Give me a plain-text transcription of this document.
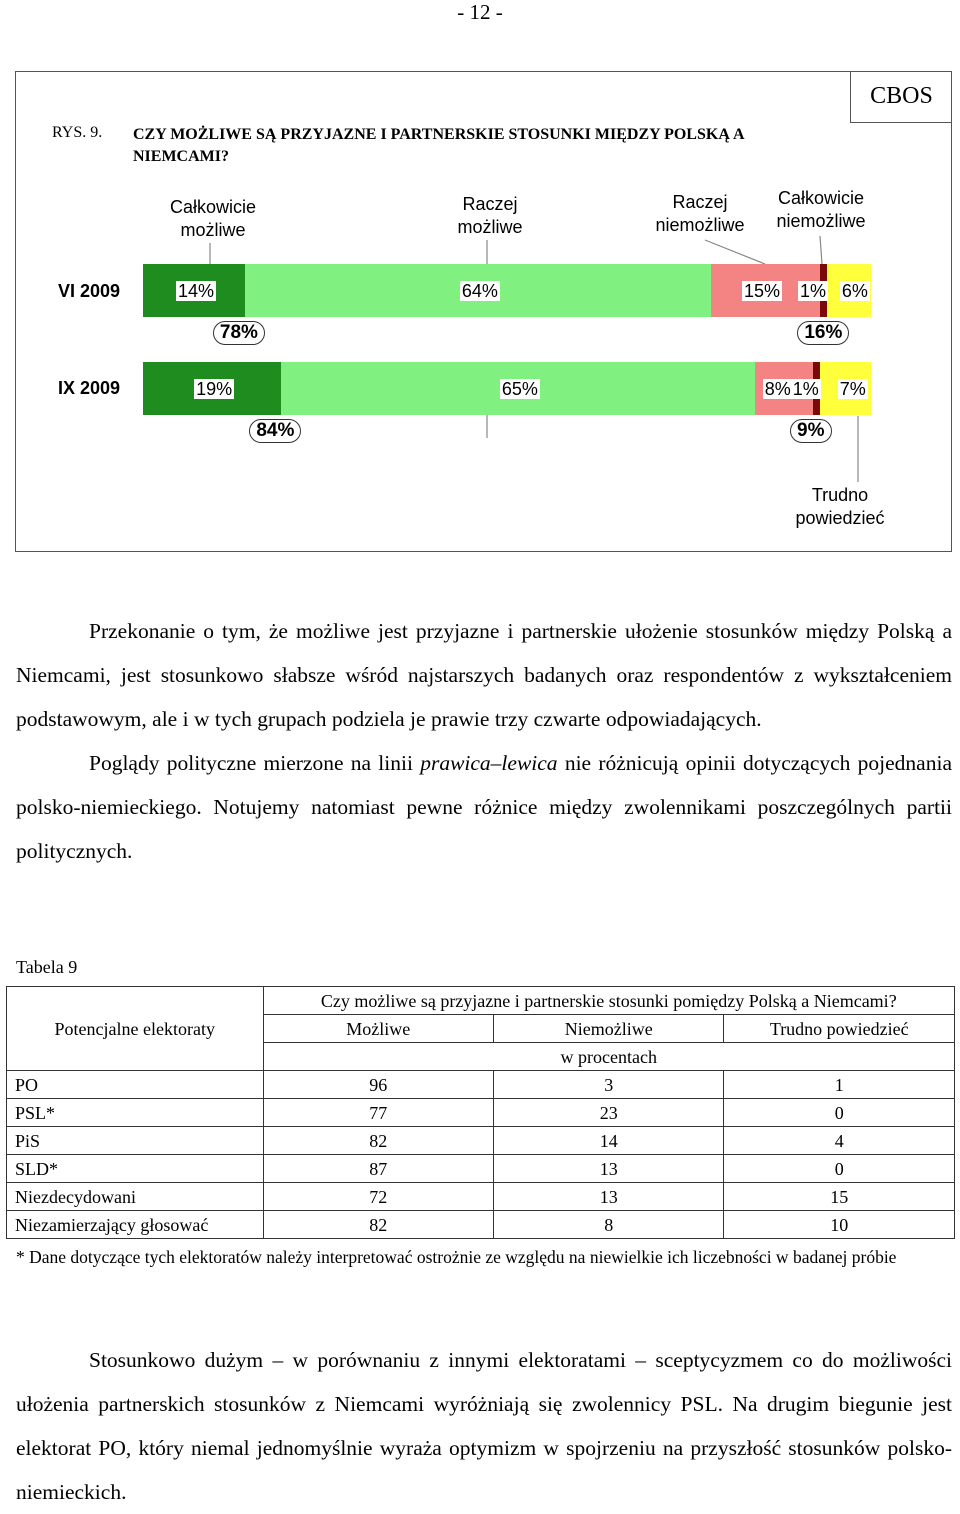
- 12 -
CBOS
RYS. 9. CZY MOŻLIWE SĄ PRZYJAZNE I PARTNERSKIE STOSUNKI MIĘDZY POLSKĄ A NIEMCAMI?
Całkowicie możliwe
Raczej możliwe
Raczej niemożliwe
Całkowicie niemożliwe
Trudno powiedzieć
VI 2009
IX 2009
14%	64%	15% 1% 6%
78%	16%
19%	65%	8% 1% 7%
84%	9%

Przekonanie o tym, że możliwe jest przyjazne i partnerskie ułożenie stosunków między Polską a Niemcami, jest stosunkowo słabsze wśród najstarszych badanych oraz respondentów z wykształceniem podstawowym, ale i w tych grupach podziela je prawie trzy czwarte odpowiadających.

Poglądy polityczne mierzone na linii prawica–lewica nie różnicują opinii dotyczących pojednania polsko-niemieckiego. Notujemy natomiast pewne różnice między zwolennikami poszczególnych partii politycznych.

Tabela 9
Potencjalne elektoraty	Czy możliwe są przyjazne i partnerskie stosunki pomiędzy Polską a Niemcami?		
	Możliwe	Niemożliwe	Trudno powiedzieć
	w procentach		
PO	96	3	1
PSL*	77	23	0
PiS	82	14	4
SLD*	87	13	0
Niezdecydowani	72	13	15
Niezamierzający głosować	82	8	10
* Dane dotyczące tych elektoratów należy interpretować ostrożnie ze względu na niewielkie ich liczebności w badanej próbie

Stosunkowo dużym – w porównaniu z innymi elektoratami – sceptycyzmem co do możliwości ułożenia partnerskich stosunków z Niemcami wyróżniają się zwolennicy PSL. Na drugim biegunie jest elektorat PO, który niemal jednomyślnie wyraża optymizm w spojrzeniu na przyszłość stosunków polsko-niemieckich.
